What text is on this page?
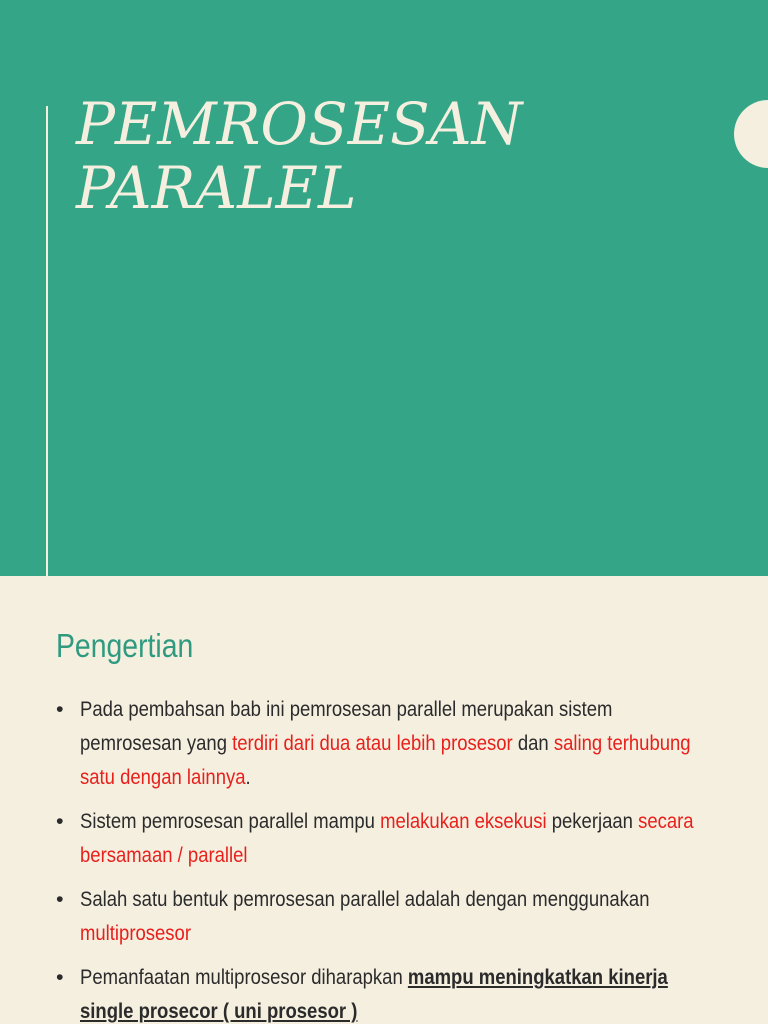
PEMROSESAN
PARALEL
Pengertian
• Pada pembahsan bab ini pemrosesan parallel merupakan sistem pemrosesan yang terdiri dari dua atau lebih prosesor dan saling terhubung satu dengan lainnya.
• Sistem pemrosesan parallel mampu melakukan eksekusi pekerjaan secara bersamaan / parallel
• Salah satu bentuk pemrosesan parallel adalah dengan menggunakan multiprosesor
• Pemanfaatan multiprosesor diharapkan mampu meningkatkan kinerja single prosecor ( uni prosesor )
